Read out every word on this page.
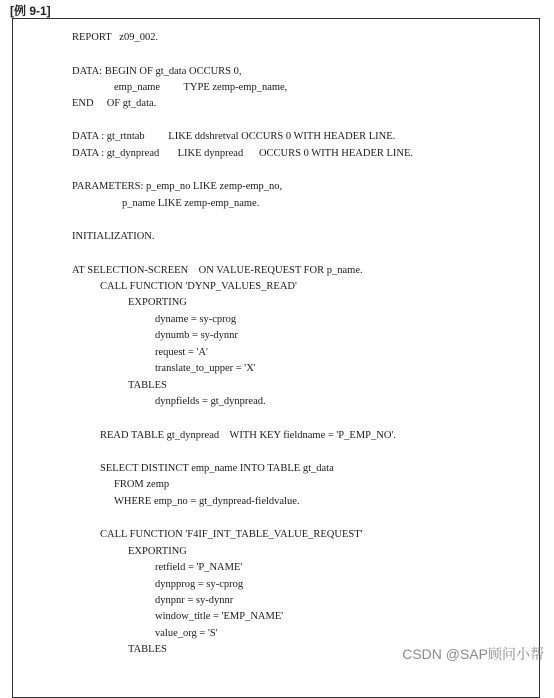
[例 9-1]
REPORT   z09_002.
DATA: BEGIN OF gt_data OCCURS 0,
emp_name         TYPE zemp-emp_name,
END     OF gt_data.
DATA : gt_rtntab         LIKE ddshretval OCCURS 0 WITH HEADER LINE.
DATA : gt_dynpread       LIKE dynpread      OCCURS 0 WITH HEADER LINE.
PARAMETERS: p_emp_no LIKE zemp-emp_no,
p_name LIKE zemp-emp_name.
INITIALIZATION.
AT SELECTION-SCREEN    ON VALUE-REQUEST FOR p_name.
CALL FUNCTION 'DYNP_VALUES_READ'
EXPORTING
dyname = sy-cprog
dynumb = sy-dynnr
request = 'A'
translate_to_upper = 'X'
TABLES
dynpfields = gt_dynpread.
READ TABLE gt_dynpread    WITH KEY fieldname = 'P_EMP_NO'.
SELECT DISTINCT emp_name INTO TABLE gt_data
FROM zemp
WHERE emp_no = gt_dynpread-fieldvalue.
CALL FUNCTION 'F4IF_INT_TABLE_VALUE_REQUEST'
EXPORTING
retfield = 'P_NAME'
dynpprog = sy-cprog
dynpnr = sy-dynnr
window_title = 'EMP_NAME'
value_org = 'S'
TABLES	CSDN @SAP顾问小帮
